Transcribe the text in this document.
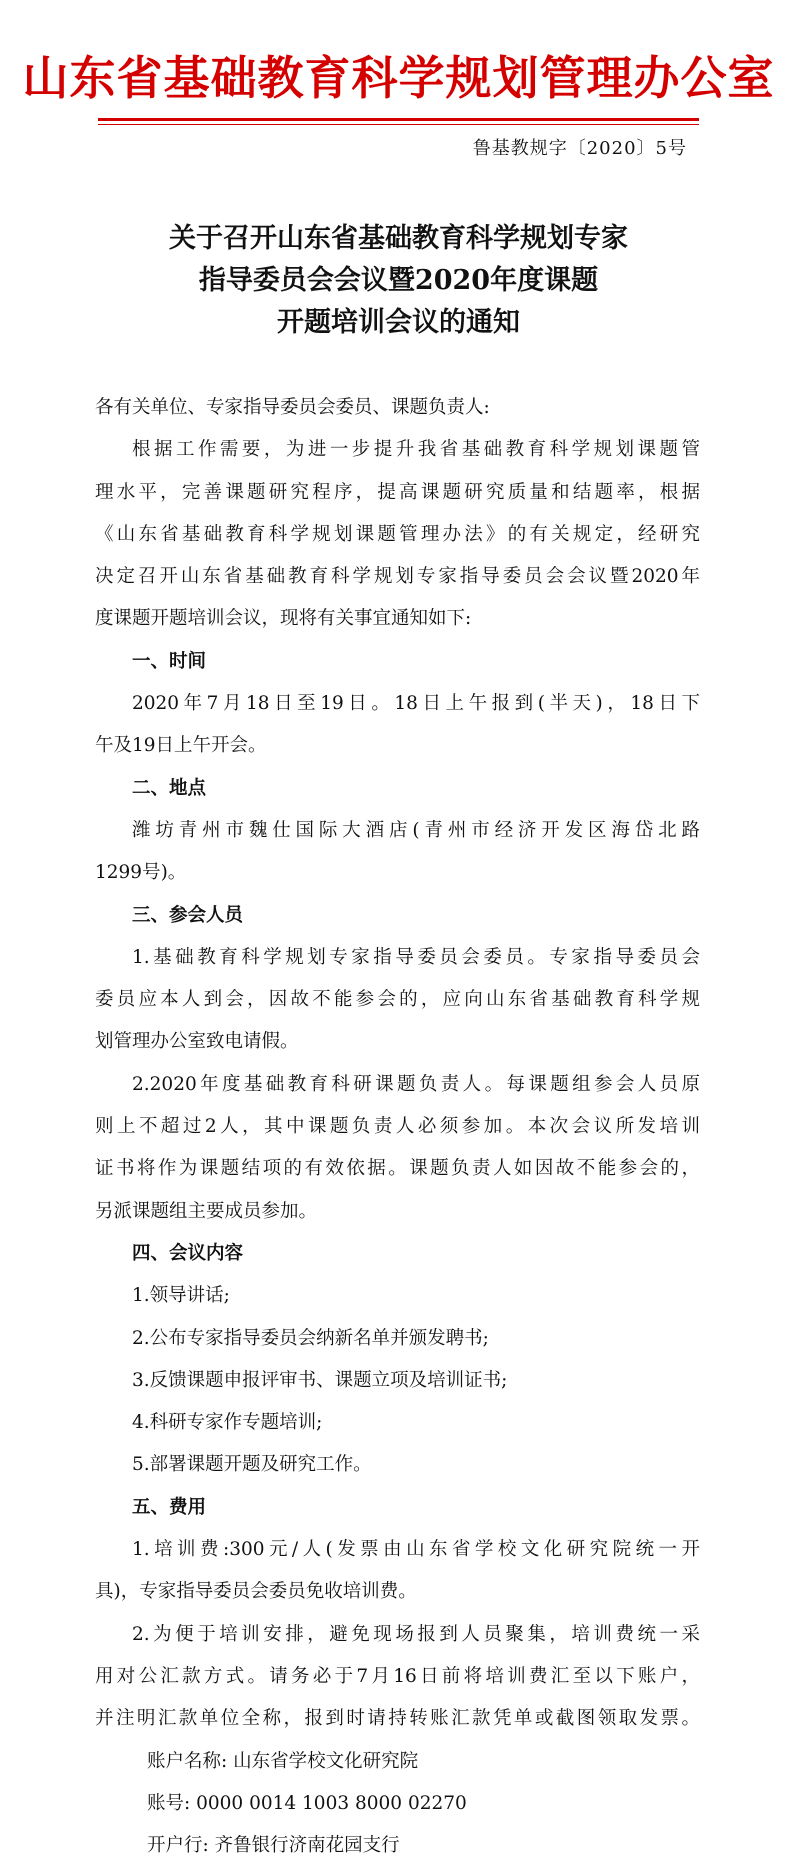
山东省基础教育科学规划管理办公室
鲁基教规字〔2020〕5号
关于召开山东省基础教育科学规划专家
指导委员会会议暨2020年度课题
开题培训会议的通知
各有关单位、专家指导委员会委员、课题负责人:
根据工作需要，为进一步提升我省基础教育科学规划课题管
理水平，完善课题研究程序，提高课题研究质量和结题率，根据
《山东省基础教育科学规划课题管理办法》的有关规定，经研究
决定召开山东省基础教育科学规划专家指导委员会会议暨2020年
度课题开题培训会议，现将有关事宜通知如下:
一、时间
2020年7月18日至19日。18日上午报到(半天)，18日下
午及19日上午开会。
二、地点
潍坊青州市魏仕国际大酒店(青州市经济开发区海岱北路
1299号)。
三、参会人员
1.基础教育科学规划专家指导委员会委员。专家指导委员会
委员应本人到会，因故不能参会的，应向山东省基础教育科学规
划管理办公室致电请假。
2.2020年度基础教育科研课题负责人。每课题组参会人员原
则上不超过2人，其中课题负责人必须参加。本次会议所发培训
证书将作为课题结项的有效依据。课题负责人如因故不能参会的，
另派课题组主要成员参加。
四、会议内容
1.领导讲话;
2.公布专家指导委员会纳新名单并颁发聘书;
3.反馈课题申报评审书、课题立项及培训证书;
4.科研专家作专题培训;
5.部署课题开题及研究工作。
五、费用
1.培训费:300元/人(发票由山东省学校文化研究院统一开
具)，专家指导委员会委员免收培训费。
2.为便于培训安排，避免现场报到人员聚集，培训费统一采
用对公汇款方式。请务必于7月16日前将培训费汇至以下账户，
并注明汇款单位全称，报到时请持转账汇款凭单或截图领取发票。
账户名称: 山东省学校文化研究院
账号: 0000 0014 1003 8000 02270
开户行: 齐鲁银行济南花园支行
